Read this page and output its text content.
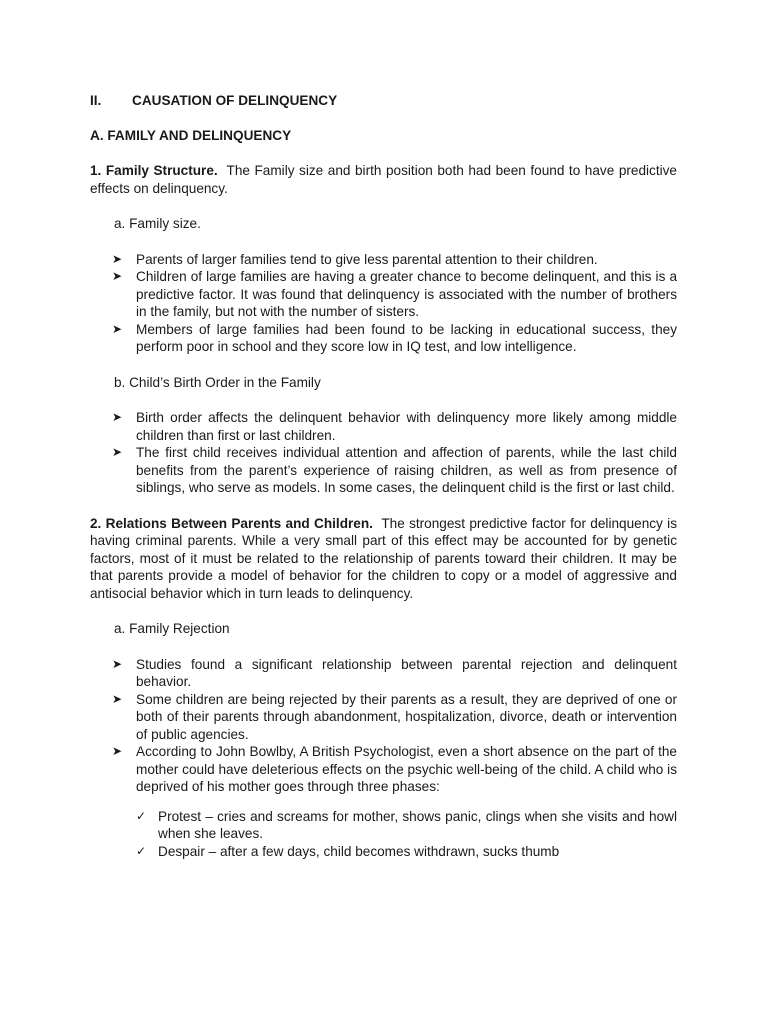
II. CAUSATION OF DELINQUENCY
A. FAMILY AND DELINQUENCY

1. Family Structure. The Family size and birth position both had been found to have predictive effects on delinquency.

a. Family size.
➤ Parents of larger families tend to give less parental attention to their children.
➤ Children of large families are having a greater chance to become delinquent, and this is a predictive factor. It was found that delinquency is associated with the number of brothers in the family, but not with the number of sisters.
➤ Members of large families had been found to be lacking in educational success, they perform poor in school and they score low in IQ test, and low intelligence.
b. Child’s Birth Order in the Family
➤ Birth order affects the delinquent behavior with delinquency more likely among middle children than first or last children.
➤ The first child receives individual attention and affection of parents, while the last child benefits from the parent’s experience of raising children, as well as from presence of siblings, who serve as models. In some cases, the delinquent child is the first or last child.

2. Relations Between Parents and Children. The strongest predictive factor for delinquency is having criminal parents. While a very small part of this effect may be accounted for by genetic factors, most of it must be related to the relationship of parents toward their children. It may be that parents provide a model of behavior for the children to copy or a model of aggressive and antisocial behavior which in turn leads to delinquency.

a. Family Rejection
➤ Studies found a significant relationship between parental rejection and delinquent behavior.
➤ Some children are being rejected by their parents as a result, they are deprived of one or both of their parents through abandonment, hospitalization, divorce, death or intervention of public agencies.
➤ According to John Bowlby, A British Psychologist, even a short absence on the part of the mother could have deleterious effects on the psychic well-being of the child. A child who is deprived of his mother goes through three phases:
✓ Protest – cries and screams for mother, shows panic, clings when she visits and howl when she leaves.
✓ Despair – after a few days, child becomes withdrawn, sucks thumb
